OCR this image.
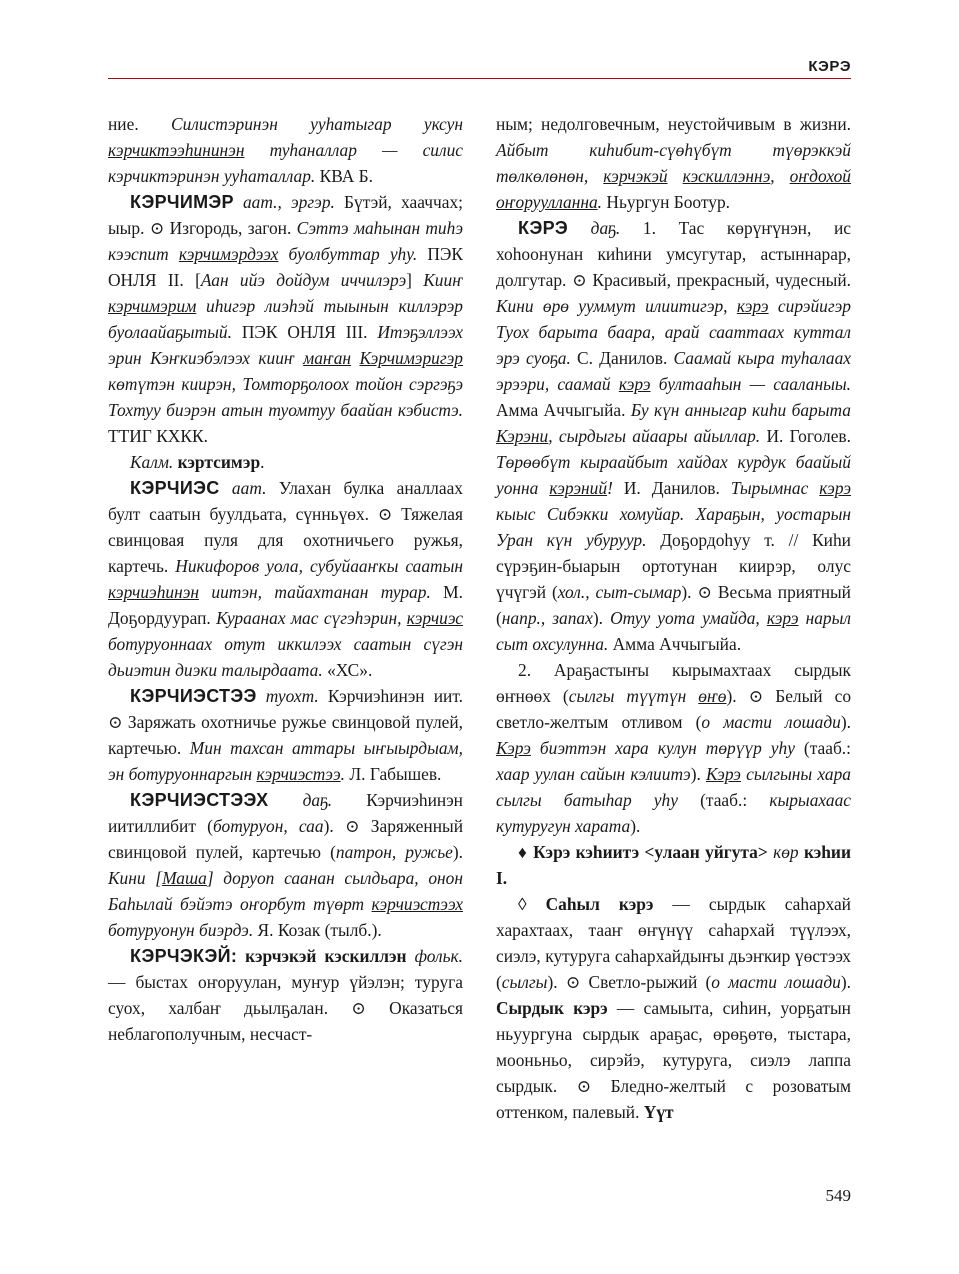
КЭРЭ

ние. Силистэринэн ууһатыгар уксун кэрчиктээһининэн туһаналлар — силис кэрчиктэринэн ууһаталлар. КВА Б.

КЭРЧИМЭР аат., эргэр. Бүтэй, хааччах; ыыр. ⊙ Изгородь, загон. Сэттэ маһынан тиһэ кээспит кэрчимэрдээх буолбуттар уһу. ПЭК ОНЛЯ II. [Аан ийэ дойдум иччилэрэ] Кииҥ кэрчимэрим иһигэр лиэһэй тыынын киллэрэр буолаайаҕытый. ПЭК ОНЛЯ III. Итэҕэллээх эрин Кэҥкиэбэлээх кииҥ маҥан Кэрчимэригэр көтүтэн киирэн, Томторҕолоох тойон сэргэҕэ Тохтуу биэрэн атын туомтуу баайан кэбистэ. ТТИГ КХКК.

Калм. кэртсимэр.

КЭРЧИЭС аат. Улахан булка аналлаах булт саатын буулдьата, сүнньүөх. ⊙ Тяжелая свинцовая пуля для охотничьего ружья, картечь. Никифоров уола, субуйааҥкы саатын кэрчиэһинэн иитэн, тайахтанан турар. М. Доҕордуурап. Кураанах мас сүгэһэрин, кэрчиэс ботуруоннаах отут иккилээх саатын сүгэн дьиэтин диэки талырдаата. «ХС».

КЭРЧИЭСТЭЭ туохт. Кэрчиэһинэн иит. ⊙ Заряжать охотничье ружье свинцовой пулей, картечью. Мин тахсан аттары ыҥыырдыам, эн ботуруоннаргын кэрчиэстээ. Л. Габышев.

КЭРЧИЭСТЭЭХ даҕ. Кэрчиэһинэн иитиллибит (ботуруон, саа). ⊙ Заряженный свинцовой пулей, картечью (патрон, ружье). Кини [Маша] доруоп саанан сылдьара, онон Баһылай бэйэтэ оҥорбут түөрт кэрчиэстээх ботуруонун биэрдэ. Я. Козак (тылб.).

КЭРЧЭКЭЙ: кэрчэкэй кэскиллэн фольк. — быстах оҥоруулан, муҥур үйэлэн; туруга суох, халбаҥ дьылҕалан. ⊙ Оказаться неблагополучным, несчаст-

ным; недолговечным, неустойчивым в жизни. Айбыт киһибит-сүөһүбүт түөрэккэй төлкөлөнөн, кэрчэкэй кэскиллэннэ, оҥдохой оҥоруулланна. Ньургун Боотур.

КЭРЭ даҕ. 1. Тас көрүҥүнэн, ис хоһоонунан киһини умсугутар, астыннарар, долгутар. ⊙ Красивый, прекрасный, чудесный. Кини өрө ууммут илиитигэр, кэрэ сирэйигэр Туох барыта баара, арай сааттаах куттал эрэ суоҕа. С. Данилов. Саамай кыра туһалаах эрээри, саамай кэрэ бултааһын — сааланыы. Амма Аччыгыйа. Бу күн анныгар киһи барыта Кэрэни, сырдыгы айаары айыллар. И. Гоголев. Төрөөбүт кыраайбыт хайдах курдук баайый уонна кэрэний! И. Данилов. Тырымнас кэрэ кыыс Сибэкки хомуйар. Хараҕын, уостарын Уран күн убуруур. Доҕордоһуу т. // Киһи сүрэҕин-быарын ортотунан киирэр, олус үчүгэй (хол., сыт-сымар). ⊙ Весьма приятный (напр., запах). Отуу уота умайда, кэрэ нарыл сыт охсулунна. Амма Аччыгыйа.

2. Араҕастыҥы кырымахтаах сырдык өҥнөөх (сылгы түүтүн өҥө). ⊙ Белый со светло-желтым отливом (о масти лошади). Кэрэ биэттэн хара кулун төрүүр уһу (тааб.: хаар уулан сайын кэлиитэ). Кэрэ сылгыны хара сылгы батыһар уһу (тааб.: кырыахаас кутуругун харата).

♦ Кэрэ кэһиитэ <улаан уйгута> көр кэһии I.

◊ Саһыл кэрэ — сырдык саһархай харахтаах, тааҥ өҥүнүү саһархай түүлээх, сиэлэ, кутуруга саһархайдыҥы дьэҥкир үөстээх (сылгы). ⊙ Светло-рыжий (о масти лошади). Сырдык кэрэ — самыыта, сиһин, уорҕатын ньуургуна сырдык араҕас, өрөҕөтө, тыстара, мооньньо, сирэйэ, кутуруга, сиэлэ лаппа сырдык. ⊙ Бледно-желтый с розоватым оттенком, палевый. Үүт

549
